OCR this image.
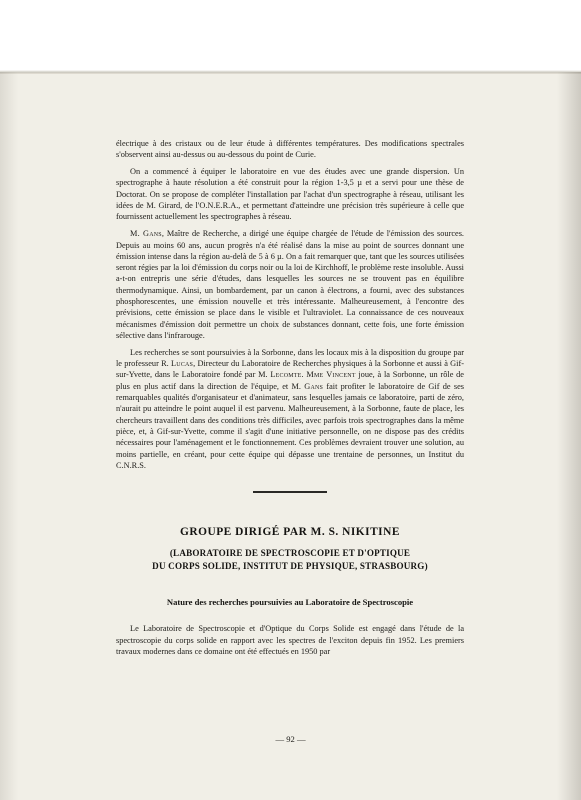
électrique à des cristaux ou de leur étude à différentes températures. Des modifications spectrales s'observent ainsi au-dessus ou au-dessous du point de Curie.

On a commencé à équiper le laboratoire en vue des études avec une grande dispersion. Un spectrographe à haute résolution a été construit pour la région 1-3,5 µ et a servi pour une thèse de Doctorat. On se propose de compléter l'installation par l'achat d'un spectrographe à réseau, utilisant les idées de M. Girard, de l'O.N.E.R.A., et permettant d'atteindre une précision très supérieure à celle que fournissent actuellement les spectrographes à réseau.

M. Gans, Maître de Recherche, a dirigé une équipe chargée de l'étude de l'émission des sources. Depuis au moins 60 ans, aucun progrès n'a été réalisé dans la mise au point de sources donnant une émission intense dans la région au-delà de 5 à 6 µ. On a fait remarquer que, tant que les sources utilisées seront régies par la loi d'émission du corps noir ou la loi de Kirchhoff, le problème reste insoluble. Aussi a-t-on entrepris une série d'études, dans lesquelles les sources ne se trouvent pas en équilibre thermodynamique. Ainsi, un bombardement, par un canon à électrons, a fourni, avec des substances phosphorescentes, une émission nouvelle et très intéressante. Malheureusement, à l'encontre des prévisions, cette émission se place dans le visible et l'ultraviolet. La connaissance de ces nouveaux mécanismes d'émission doit permettre un choix de substances donnant, cette fois, une forte émission sélective dans l'infrarouge.

Les recherches se sont poursuivies à la Sorbonne, dans les locaux mis à la disposition du groupe par le professeur R. Lucas, Directeur du Laboratoire de Recherches physiques à la Sorbonne et aussi à Gif-sur-Yvette, dans le Laboratoire fondé par M. Lecomte. Mme Vincent joue, à la Sorbonne, un rôle de plus en plus actif dans la direction de l'équipe, et M. Gans fait profiter le laboratoire de Gif de ses remarquables qualités d'organisateur et d'animateur, sans lesquelles jamais ce laboratoire, parti de zéro, n'aurait pu atteindre le point auquel il est parvenu. Malheureusement, à la Sorbonne, faute de place, les chercheurs travaillent dans des conditions très difficiles, avec parfois trois spectrographes dans la même pièce, et, à Gif-sur-Yvette, comme il s'agit d'une initiative personnelle, on ne dispose pas des crédits nécessaires pour l'aménagement et le fonctionnement. Ces problèmes devraient trouver une solution, au moins partielle, en créant, pour cette équipe qui dépasse une trentaine de personnes, un Institut du C.N.R.S.

GROUPE DIRIGÉ PAR M. S. NIKITINE
(LABORATOIRE DE SPECTROSCOPIE ET D'OPTIQUE
DU CORPS SOLIDE, INSTITUT DE PHYSIQUE, STRASBOURG)
Nature des recherches poursuivies au Laboratoire de Spectroscopie

Le Laboratoire de Spectroscopie et d'Optique du Corps Solide est engagé dans l'étude de la spectroscopie du corps solide en rapport avec les spectres de l'exciton depuis fin 1952. Les premiers travaux modernes dans ce domaine ont été effectués en 1950 par

— 92 —
